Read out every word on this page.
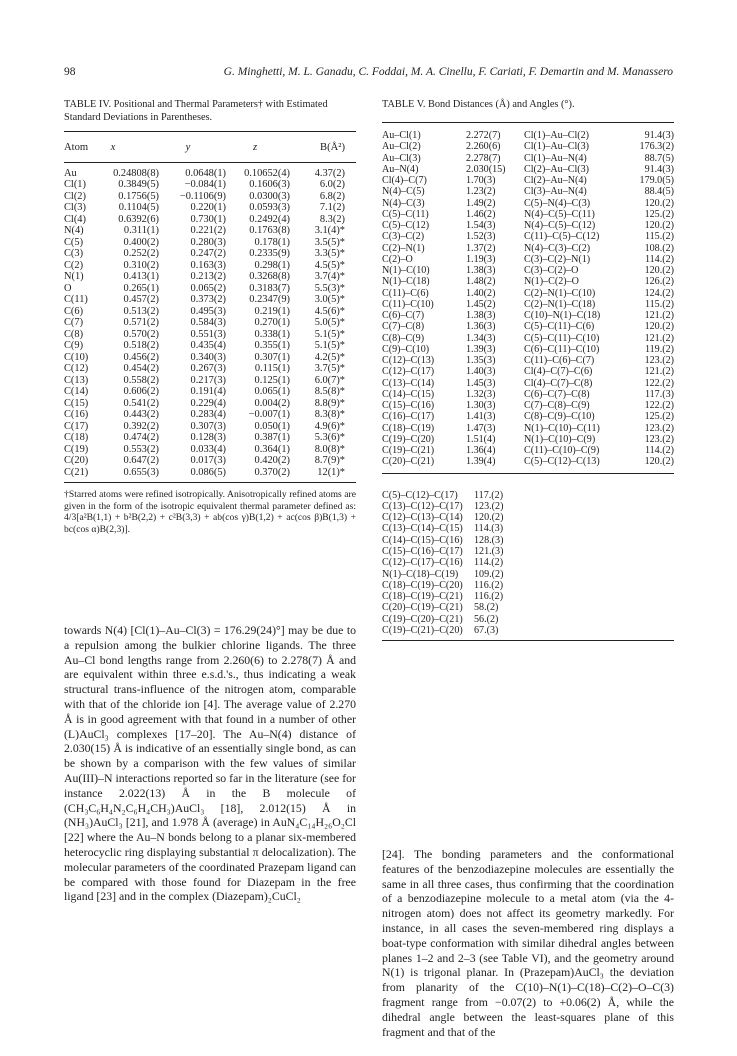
98	G. Minghetti, M. L. Ganadu, C. Foddai, M. A. Cinellu, F. Cariati, F. Demartin and M. Manassero
TABLE IV. Positional and Thermal Parameters† with Estimated Standard Deviations in Parentheses.
Atom	x	y	z	B(Å²)
Au	0.24808(8)	0.0648(1)	0.10652(4)	4.37(2)
Cl(1)	0.3849(5)	−0.084(1)	0.1606(3)	6.0(2)
Cl(2)	0.1756(5)	−0.1106(9)	0.0300(3)	6.8(2)
Cl(3)	0.1104(5)	0.220(1)	0.0593(3)	7.1(2)
Cl(4)	0.6392(6)	0.730(1)	0.2492(4)	8.3(2)
N(4)	0.311(1)	0.221(2)	0.1763(8)	3.1(4)*
C(5)	0.400(2)	0.280(3)	0.178(1)	3.5(5)*
C(3)	0.252(2)	0.247(2)	0.2335(9)	3.3(5)*
C(2)	0.310(2)	0.163(3)	0.298(1)	4.5(5)*
N(1)	0.413(1)	0.213(2)	0.3268(8)	3.7(4)*
O	0.265(1)	0.065(2)	0.3183(7)	5.5(3)*
C(11)	0.457(2)	0.373(2)	0.2347(9)	3.0(5)*
C(6)	0.513(2)	0.495(3)	0.219(1)	4.5(6)*
C(7)	0.571(2)	0.584(3)	0.270(1)	5.0(5)*
C(8)	0.570(2)	0.551(3)	0.338(1)	5.1(5)*
C(9)	0.518(2)	0.435(4)	0.355(1)	5.1(5)*
C(10)	0.456(2)	0.340(3)	0.307(1)	4.2(5)*
C(12)	0.454(2)	0.267(3)	0.115(1)	3.7(5)*
C(13)	0.558(2)	0.217(3)	0.125(1)	6.0(7)*
C(14)	0.606(2)	0.191(4)	0.065(1)	8.5(8)*
C(15)	0.541(2)	0.229(4)	0.004(2)	8.8(9)*
C(16)	0.443(2)	0.283(4)	−0.007(1)	8.3(8)*
C(17)	0.392(2)	0.307(3)	0.050(1)	4.9(6)*
C(18)	0.474(2)	0.128(3)	0.387(1)	5.3(6)*
C(19)	0.553(2)	0.033(4)	0.364(1)	8.0(8)*
C(20)	0.647(2)	0.017(3)	0.420(2)	8.7(9)*
C(21)	0.655(3)	0.086(5)	0.370(2)	12(1)*
†Starred atoms were refined isotropically. Anisotropically refined atoms are given in the form of the isotropic equivalent thermal parameter defined as: 4/3[a²B(1,1) + b²B(2,2) + c²B(3,3) + ab(cos γ)B(1,2) + ac(cos β)B(1,3) + bc(cos α)B(2,3)].
TABLE V. Bond Distances (Å) and Angles (°).
Au–Cl(1)	2.272(7) Cl(1)–Au–Cl(2)	91.4(3)
Au–Cl(2)	2.260(6) Cl(1)–Au–Cl(3)	176.3(2)
Au–Cl(3)	2.278(7) Cl(1)–Au–N(4)	88.7(5)
Au–N(4)	2.030(15) Cl(2)–Au–Cl(3)	91.4(3)
Cl(4)–C(7)	1.70(3)	Cl(2)–Au–N(4)	179.0(5)
N(4)–C(5)	1.23(2)	Cl(3)–Au–N(4)	88.4(5)
N(4)–C(3)	1.49(2)	C(5)–N(4)–C(3)	120.(2)
C(5)–C(11)	1.46(2)	N(4)–C(5)–C(11)	125.(2)
C(5)–C(12)	1.54(3)	N(4)–C(5)–C(12)	120.(2)
C(3)–C(2)	1.52(3)	C(11)–C(5)–C(12)	115.(2)
C(2)–N(1)	1.37(2)	N(4)–C(3)–C(2)	108.(2)
C(2)–O	1.19(3)	C(3)–C(2)–N(1)	114.(2)
N(1)–C(10)	1.38(3)	C(3)–C(2)–O	120.(2)
N(1)–C(18)	1.48(2)	N(1)–C(2)–O	126.(2)
C(11)–C(6)	1.40(2)	C(2)–N(1)–C(10)	124.(2)
C(11)–C(10)	1.45(2)	C(2)–N(1)–C(18)	115.(2)
C(6)–C(7)	1.38(3)	C(10)–N(1)–C(18)	121.(2)
C(7)–C(8)	1.36(3)	C(5)–C(11)–C(6)	120.(2)
C(8)–C(9)	1.34(3)	C(5)–C(11)–C(10)	121.(2)
C(9)–C(10)	1.39(3)	C(6)–C(11)–C(10)	119.(2)
C(12)–C(13)	1.35(3)	C(11)–C(6)–C(7)	123.(2)
C(12)–C(17)	1.40(3)	Cl(4)–C(7)–C(6)	121.(2)
C(13)–C(14)	1.45(3)	Cl(4)–C(7)–C(8)	122.(2)
C(14)–C(15)	1.32(3)	C(6)–C(7)–C(8)	117.(3)
C(15)–C(16)	1.30(3)	C(7)–C(8)–C(9)	122.(2)
C(16)–C(17)	1.41(3)	C(8)–C(9)–C(10)	125.(2)
C(18)–C(19)	1.47(3)	N(1)–C(10)–C(11)	123.(2)
C(19)–C(20)	1.51(4)	N(1)–C(10)–C(9)	123.(2)
C(19)–C(21)	1.36(4)	C(11)–C(10)–C(9)	114.(2)
C(20)–C(21)	1.39(4)	C(5)–C(12)–C(13)	120.(2)
C(5)–C(12)–C(17) 117.(2)
C(13)–C(12)–C(17) 123.(2)
C(12)–C(13)–C(14) 120.(2)
C(13)–C(14)–C(15) 114.(3)
C(14)–C(15)–C(16) 128.(3)
C(15)–C(16)–C(17) 121.(3)
C(12)–C(17)–C(16) 114.(2)
N(1)–C(18)–C(19) 109.(2)
C(18)–C(19)–C(20) 116.(2)
C(18)–C(19)–C(21) 116.(2)
C(20)–C(19)–C(21) 58.(2)
C(19)–C(20)–C(21) 56.(2)
C(19)–C(21)–C(20) 67.(3)

towards N(4) [Cl(1)–Au–Cl(3) = 176.29(24)°] may be due to a repulsion among the bulkier chlorine ligands. The three Au–Cl bond lengths range from 2.260(6) to 2.278(7) Å and are equivalent within three e.s.d.'s., thus indicating a weak structural trans-influence of the nitrogen atom, comparable with that of the chloride ion [4]. The average value of 2.270 Å is in good agreement with that found in a number of other (L)AuCl₃ complexes [17–20]. The Au–N(4) distance of 2.030(15) Å is indicative of an essentially single bond, as can be shown by a comparison with the few values of similar Au(III)–N interactions reported so far in the literature (see for instance 2.022(13) Å in the B molecule of (CH₃C₆H₄N₂C₆H₄CH₃)AuCl₃ [18], 2.012(15) Å in (NH₃)AuCl₃ [21], and 1.978 Å (average) in AuN₄C₁₄H₂₆O₂Cl [22] where the Au–N bonds belong to a planar six-membered heterocyclic ring displaying substantial π delocalization). The molecular parameters of the coordinated Prazepam ligand can be compared with those found for Diazepam in the free ligand [23] and in the complex (Diazepam)₂CuCl₂

[24]. The bonding parameters and the conformational features of the benzodiazepine molecules are essentially the same in all three cases, thus confirming that the coordination of a benzodiazepine molecule to a metal atom (via the 4-nitrogen atom) does not affect its geometry markedly. For instance, in all cases the seven-membered ring displays a boat-type conformation with similar dihedral angles between planes 1–2 and 2–3 (see Table VI), and the geometry around N(1) is trigonal planar. In (Prazepam)AuCl₃ the deviation from planarity of the C(10)–N(1)–C(18)–C(2)–O–C(3) fragment range from −0.07(2) to +0.06(2) Å, while the dihedral angle between the least-squares plane of this fragment and that of the
